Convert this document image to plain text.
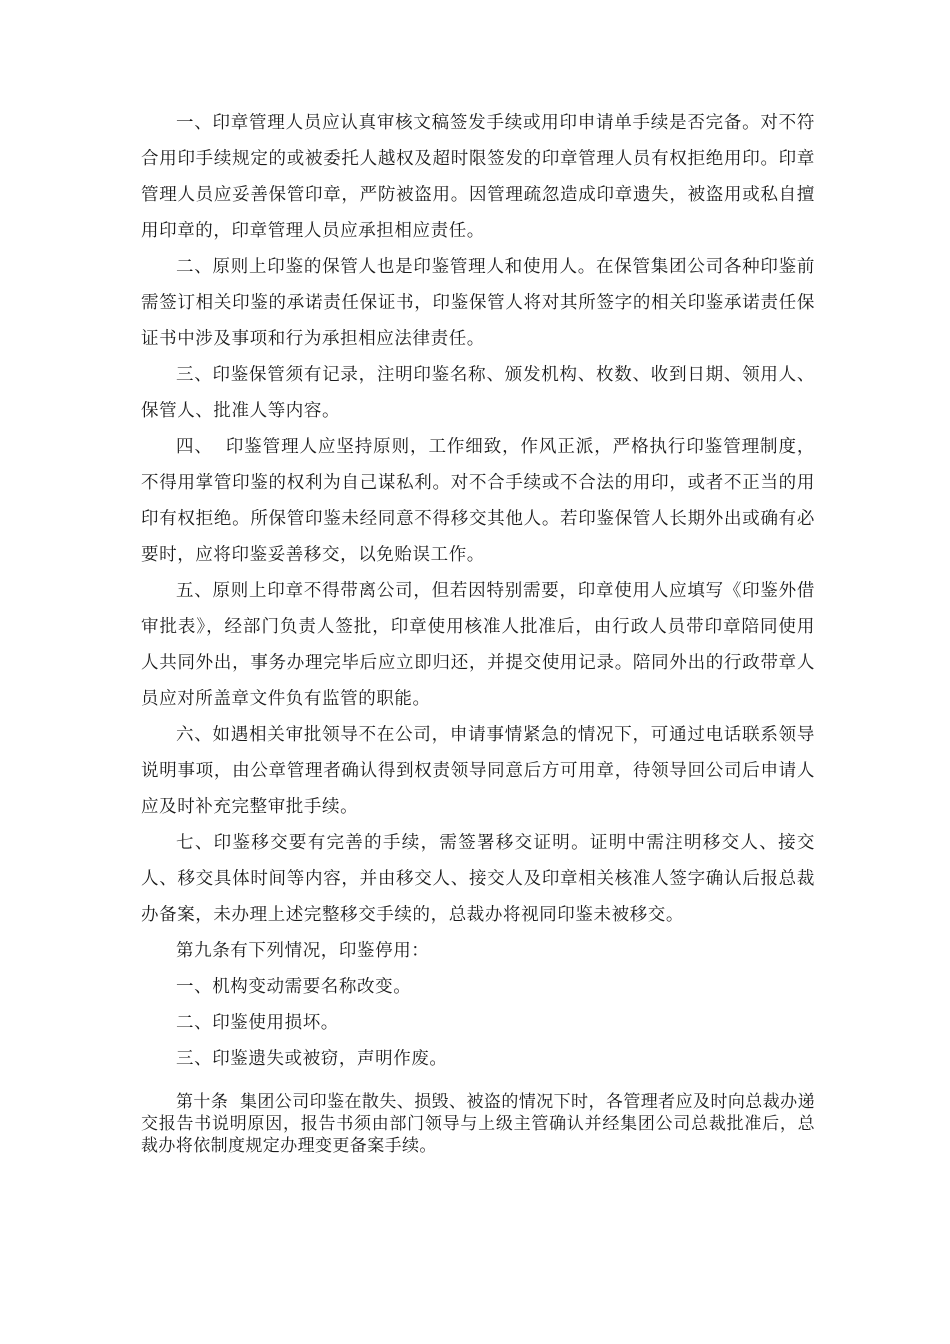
一、印章管理人员应认真审核文稿签发手续或用印申请单手续是否完备。对不符合用印手续规定的或被委托人越权及超时限签发的印章管理人员有权拒绝用印。印章管理人员应妥善保管印章，严防被盗用。因管理疏忽造成印章遗失，被盗用或私自擅用印章的，印章管理人员应承担相应责任。

二、原则上印鉴的保管人也是印鉴管理人和使用人。在保管集团公司各种印鉴前需签订相关印鉴的承诺责任保证书，印鉴保管人将对其所签字的相关印鉴承诺责任保证书中涉及事项和行为承担相应法律责任。

三、印鉴保管须有记录，注明印鉴名称、颁发机构、枚数、收到日期、领用人、保管人、批准人等内容。

四、  印鉴管理人应坚持原则，工作细致，作风正派，严格执行印鉴管理制度，不得用掌管印鉴的权利为自己谋私利。对不合手续或不合法的用印，或者不正当的用印有权拒绝。所保管印鉴未经同意不得移交其他人。若印鉴保管人长期外出或确有必要时，应将印鉴妥善移交，以免贻误工作。

五、原则上印章不得带离公司，但若因特别需要，印章使用人应填写《印鉴外借审批表》，经部门负责人签批，印章使用核准人批准后，由行政人员带印章陪同使用人共同外出，事务办理完毕后应立即归还，并提交使用记录。陪同外出的行政带章人员应对所盖章文件负有监管的职能。

六、如遇相关审批领导不在公司，申请事情紧急的情况下，可通过电话联系领导说明事项，由公章管理者确认得到权责领导同意后方可用章，待领导回公司后申请人应及时补充完整审批手续。

七、印鉴移交要有完善的手续，需签署移交证明。证明中需注明移交人、接交人、移交具体时间等内容，并由移交人、接交人及印章相关核准人签字确认后报总裁办备案，未办理上述完整移交手续的，总裁办将视同印鉴未被移交。

第九条有下列情况，印鉴停用：

一、机构变动需要名称改变。

二、印鉴使用损坏。

三、印鉴遗失或被窃，声明作废。

第十条  集团公司印鉴在散失、损毁、被盗的情况下时，各管理者应及时向总裁办递交报告书说明原因，报告书须由部门领导与上级主管确认并经集团公司总裁批准后，总裁办将依制度规定办理变更备案手续。
